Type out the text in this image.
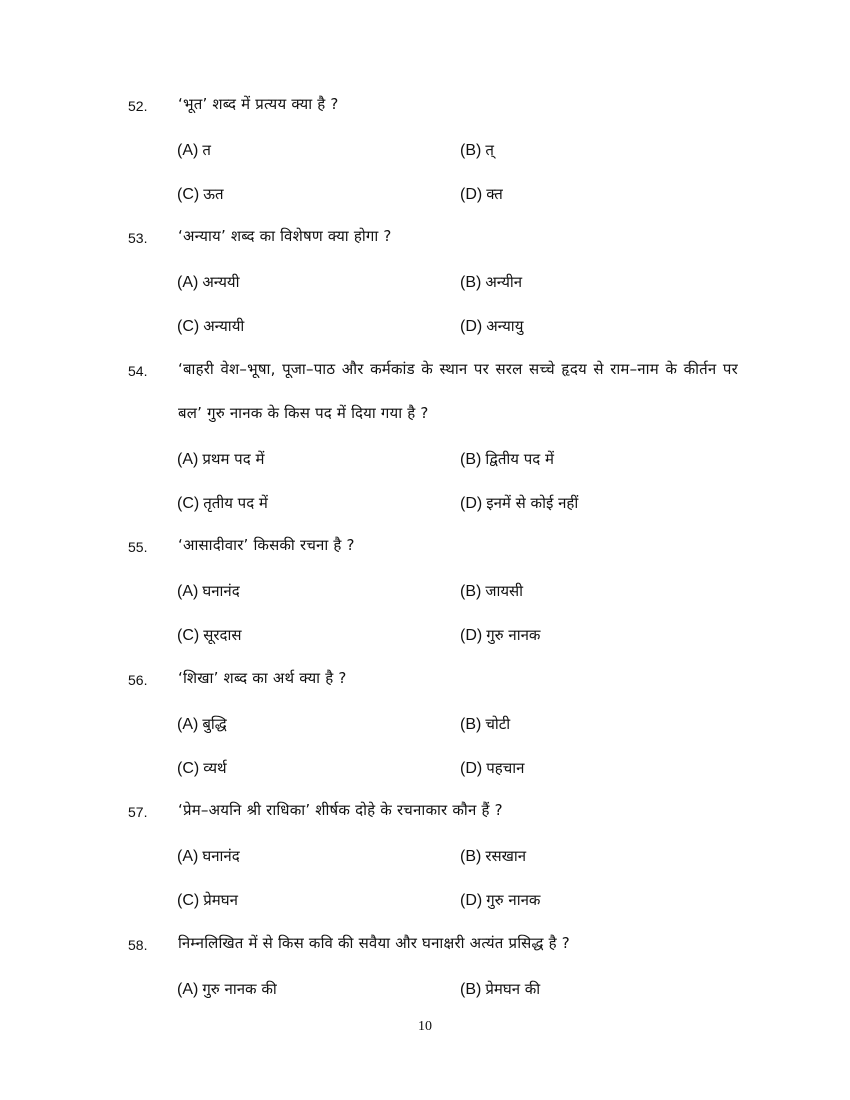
52. ‘भूत’ शब्द में प्रत्यय क्या है ?
(A) त	(B) त्
(C) ऊत	(D) क्त
53. ‘अन्याय’ शब्द का विशेषण क्या होगा ?
(A) अन्ययी	(B) अन्यीन
(C) अन्यायी	(D) अन्यायु
54. ‘बाहरी वेश–भूषा, पूजा–पाठ और कर्मकांड के स्थान पर सरल सच्चे हृदय से राम–नाम के कीर्तन पर बल’ गुरु नानक के किस पद में दिया गया है ?
(A) प्रथम पद में	(B) द्वितीय पद में
(C) तृतीय पद में	(D) इनमें से कोई नहीं
55. ‘आसादीवार’ किसकी रचना है ?
(A) घनानंद	(B) जायसी
(C) सूरदास	(D) गुरु नानक
56. ‘शिखा’ शब्द का अर्थ क्या है ?
(A) बुद्धि	(B) चोटी
(C) व्यर्थ	(D) पहचान
57. ‘प्रेम–अयनि श्री राधिका’ शीर्षक दोहे के रचनाकार कौन हैं ?
(A) घनानंद	(B) रसखान
(C) प्रेमघन	(D) गुरु नानक
58. निम्नलिखित में से किस कवि की सवैया और घनाक्षरी अत्यंत प्रसिद्ध है ?
(A) गुरु नानक की	(B) प्रेमघन की
10
